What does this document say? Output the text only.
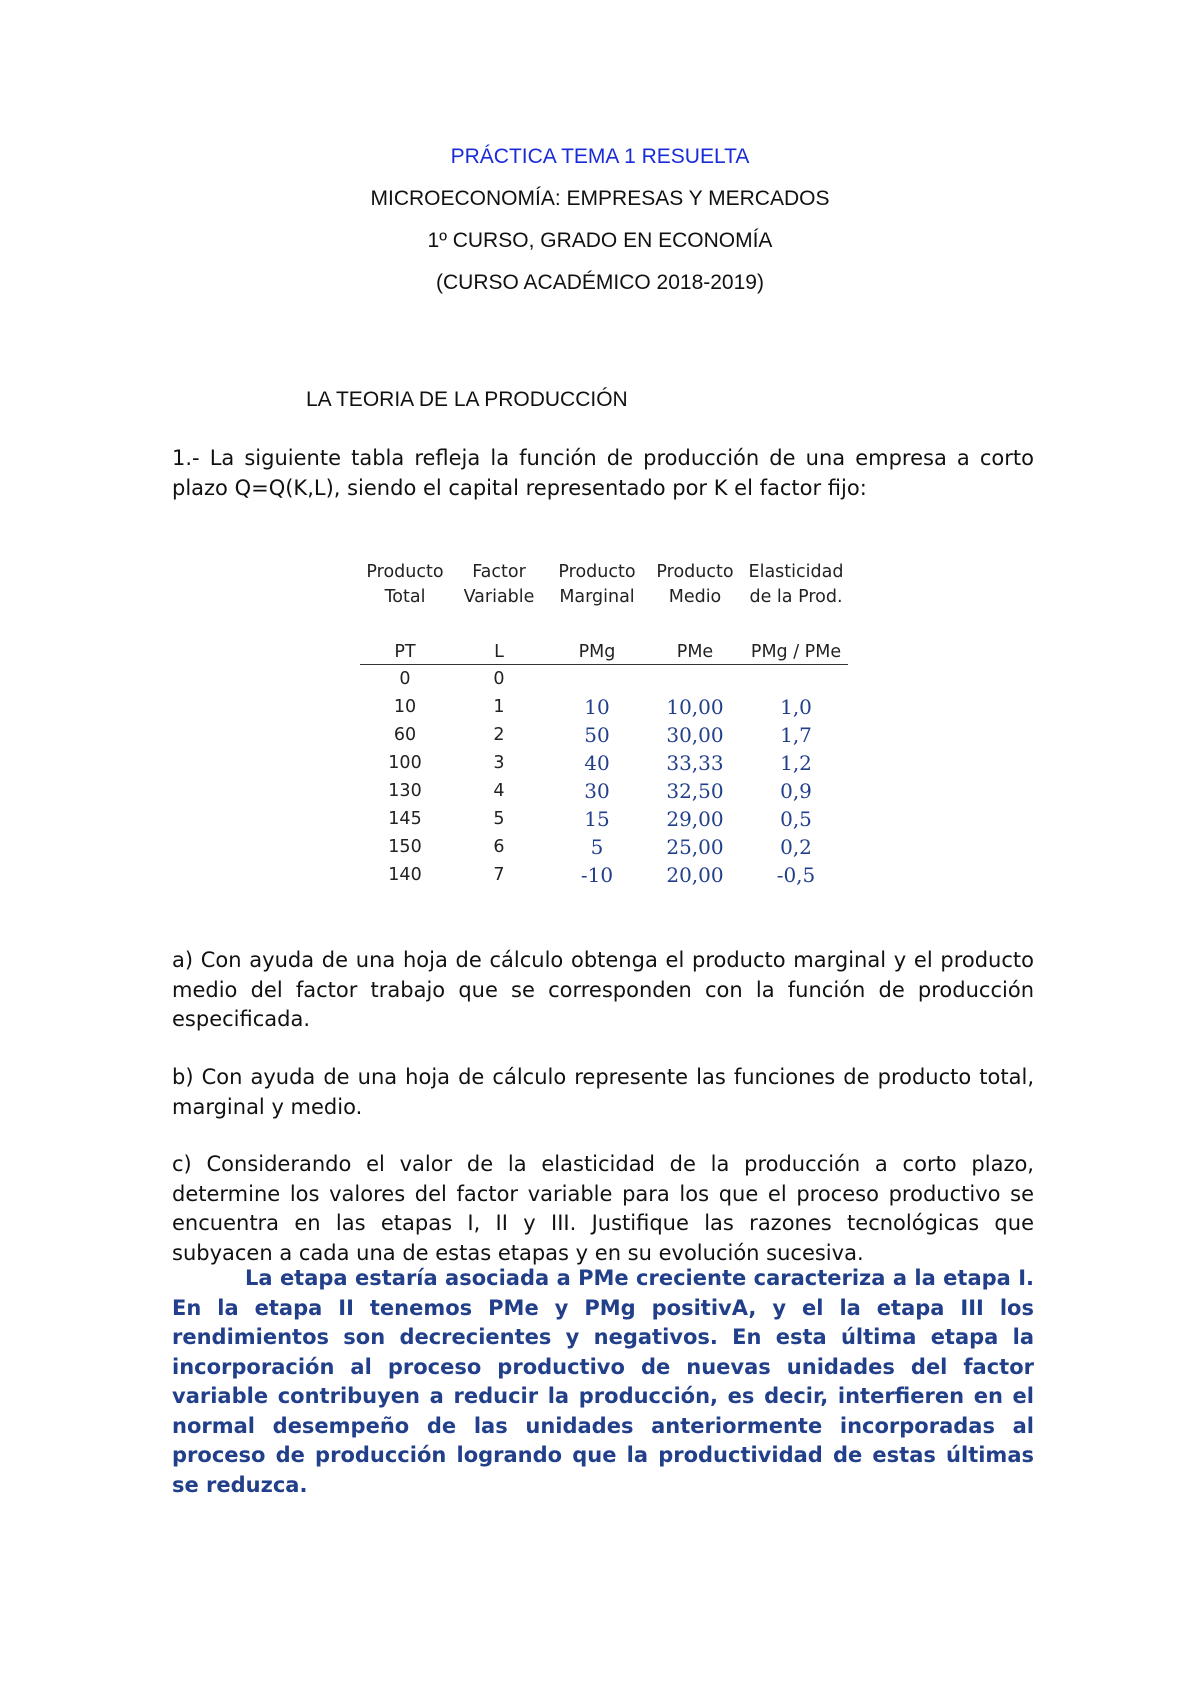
PRÁCTICA TEMA 1 RESUELTA
MICROECONOMÍA: EMPRESAS Y MERCADOS
1º CURSO, GRADO EN ECONOMÍA
(CURSO ACADÉMICO 2018-2019)
LA TEORIA DE LA PRODUCCIÓN
1.- La siguiente tabla refleja la función de producción de una empresa a corto plazo Q=Q(K,L), siendo el capital representado por K el factor fijo:
Producto	Factor	Producto	Producto	Elasticidad
Total	Variable	Marginal	Medio	de la Prod.

PT	L	PMg	PMe	PMg / PMe
0	0			
10	1	10	10,00	1,0
60	2	50	30,00	1,7
100	3	40	33,33	1,2
130	4	30	32,50	0,9
145	5	15	29,00	0,5
150	6	5	25,00	0,2
140	7	-10	20,00	-0,5
a) Con ayuda de una hoja de cálculo obtenga el producto marginal y el producto medio del factor trabajo que se corresponden con la función de producción especificada.
b) Con ayuda de una hoja de cálculo represente las funciones de producto total, marginal y medio.
c) Considerando el valor de la elasticidad de la producción a corto plazo, determine los valores del factor variable para los que el proceso productivo se encuentra en las etapas I, II y III. Justifique las razones tecnológicas que subyacen a cada una de estas etapas y en su evolución sucesiva.
La etapa estaría asociada a PMe creciente caracteriza a la etapa I. En la etapa II tenemos PMe y PMg positivA, y el la etapa III los rendimientos son decrecientes y negativos. En esta última etapa la incorporación al proceso productivo de nuevas unidades del factor variable contribuyen a reducir la producción, es decir, interfieren en el normal desempeño de las unidades anteriormente incorporadas al proceso de producción logrando que la productividad de estas últimas se reduzca.
